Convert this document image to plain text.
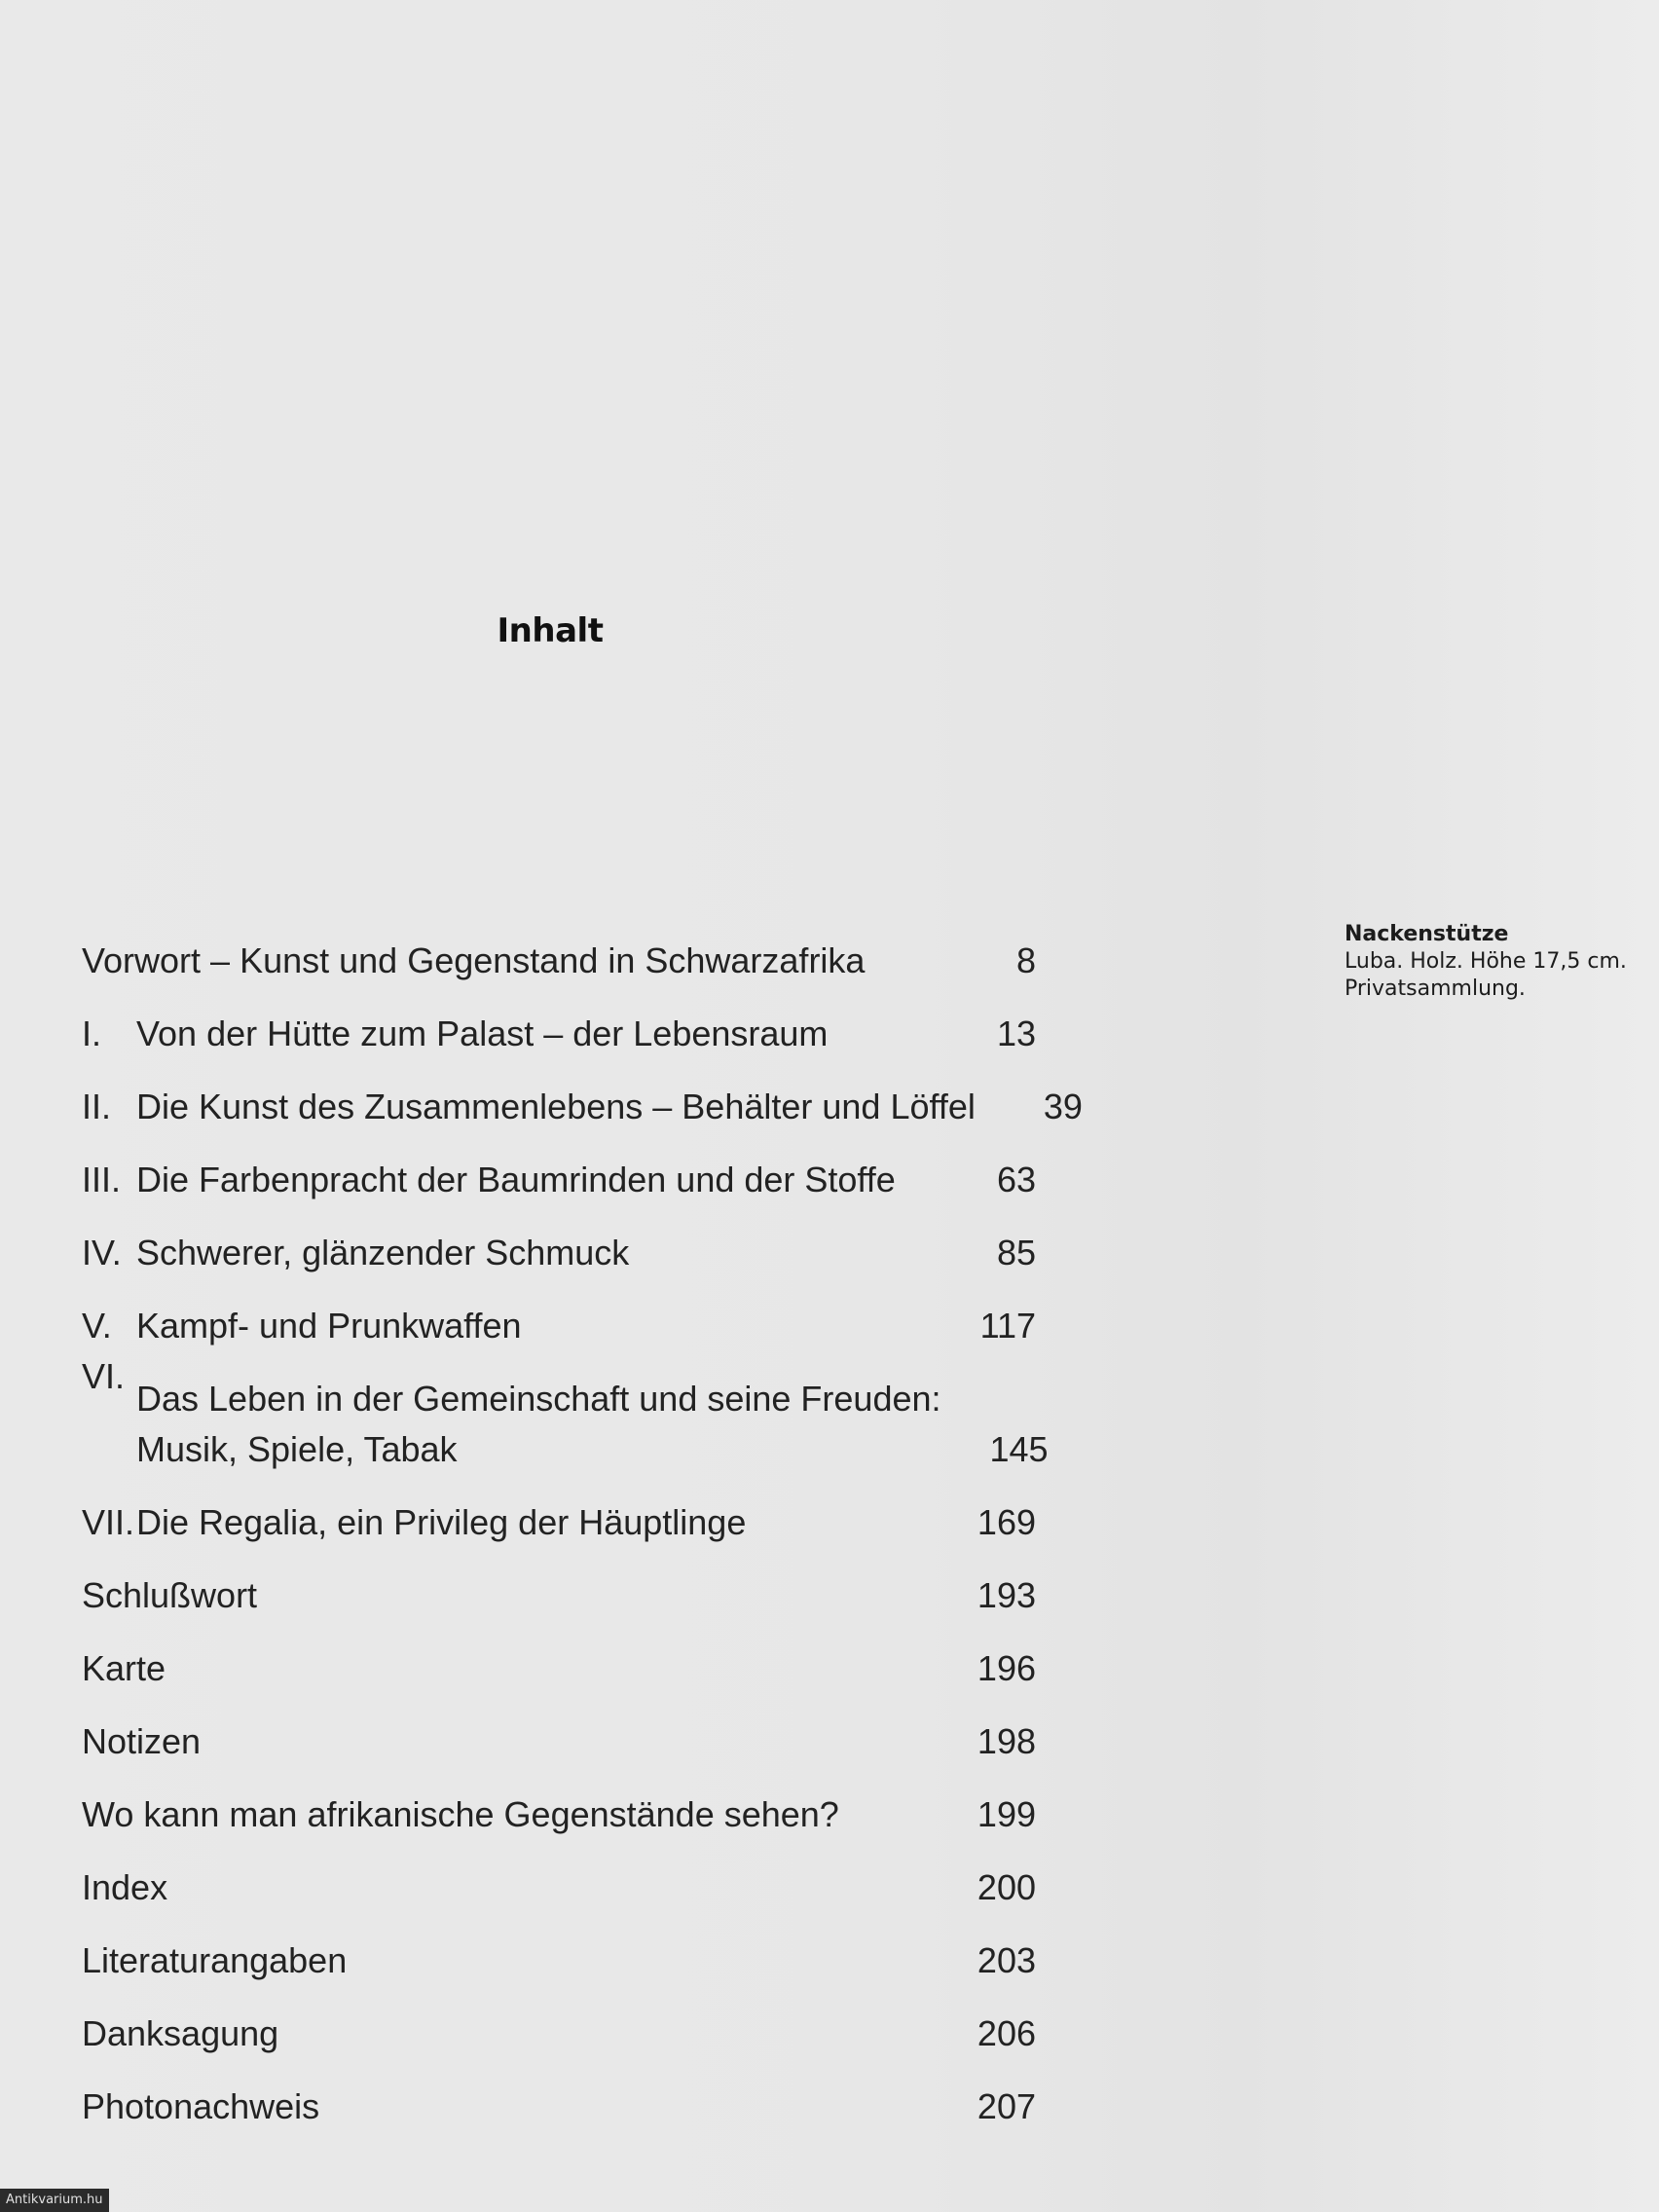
Inhalt
Vorwort – Kunst und Gegenstand in Schwarzafrika	8
I. Von der Hütte zum Palast – der Lebensraum	13
II. Die Kunst des Zusammenlebens – Behälter und Löffel	39
III. Die Farbenpracht der Baumrinden und der Stoffe	63
IV. Schwerer, glänzender Schmuck	85
V. Kampf- und Prunkwaffen	117
VI.
Das Leben in der Gemeinschaft und seine Freuden:
Musik, Spiele, Tabak	145
VII. Die Regalia, ein Privileg der Häuptlinge	169
Schlußwort	193
Karte	196
Notizen	198
Wo kann man afrikanische Gegenstände sehen?	199
Index	200
Literaturangaben	203
Danksagung	206
Photonachweis	207
Nackenstütze
Luba. Holz. Höhe 17,5 cm.
Privatsammlung.
Antikvarium.hu
